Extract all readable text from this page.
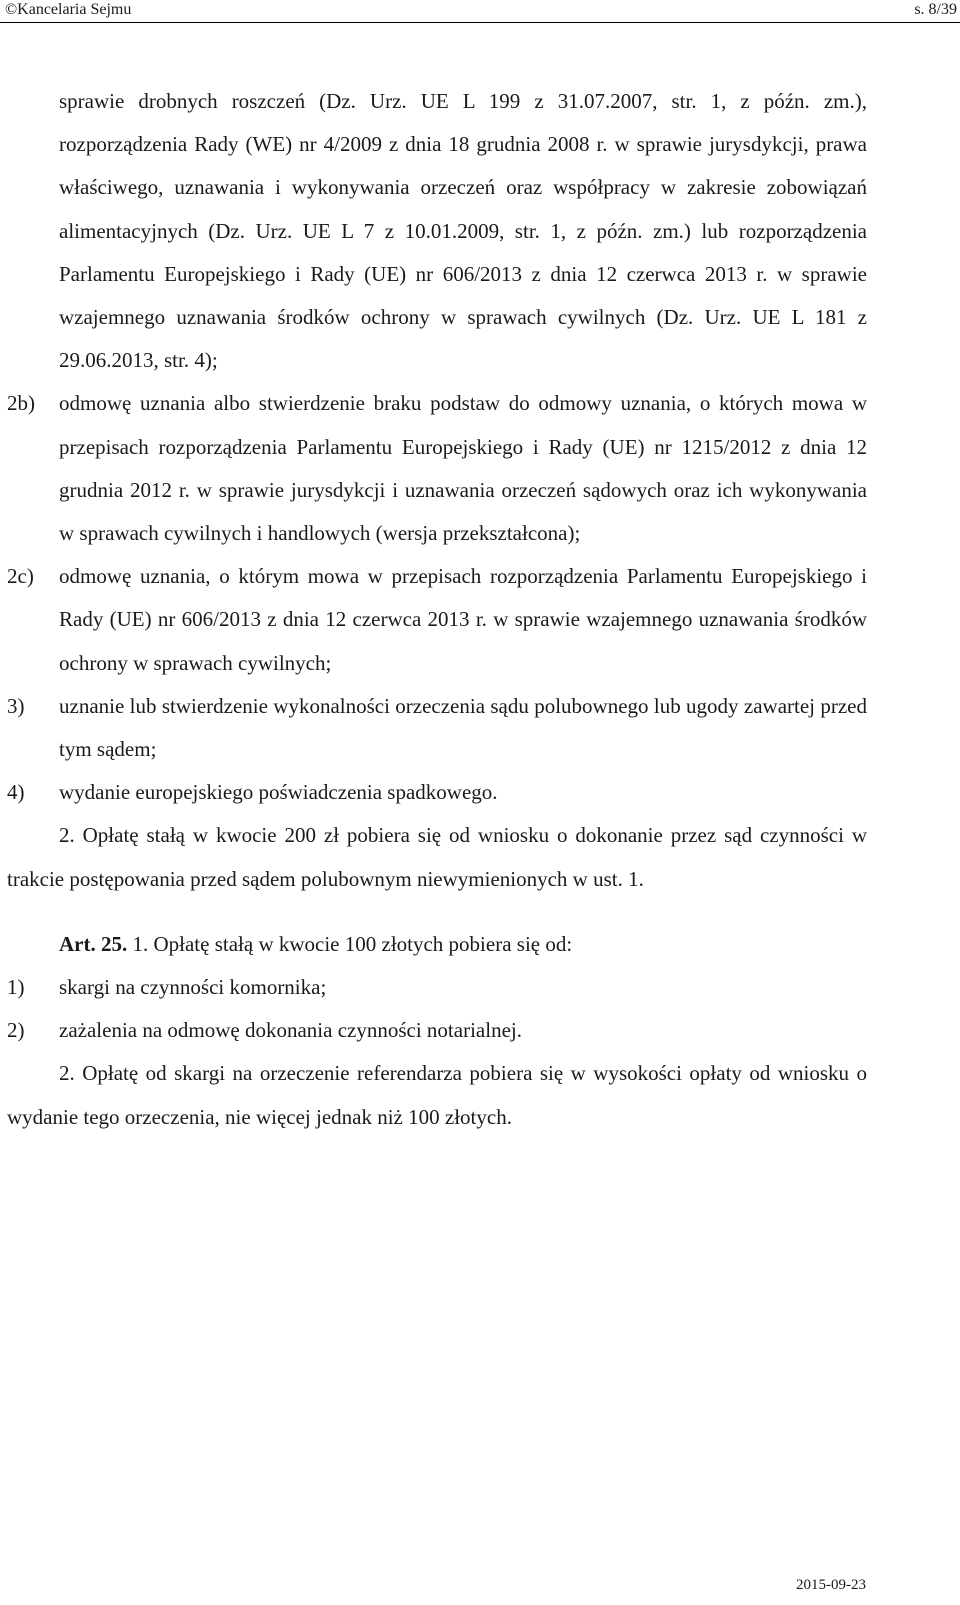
©Kancelaria Sejmu	s. 8/39
sprawie drobnych roszczeń (Dz. Urz. UE L 199 z 31.07.2007, str. 1, z późn. zm.), rozporządzenia Rady (WE) nr 4/2009 z dnia 18 grudnia 2008 r. w sprawie jurysdykcji, prawa właściwego, uznawania i wykonywania orzeczeń oraz współpracy w zakresie zobowiązań alimentacyjnych (Dz. Urz. UE L 7 z 10.01.2009, str. 1, z późn. zm.) lub rozporządzenia Parlamentu Europejskiego i Rady (UE) nr 606/2013 z dnia 12 czerwca 2013 r. w sprawie wzajemnego uznawania środków ochrony w sprawach cywilnych (Dz. Urz. UE L 181 z 29.06.2013, str. 4);
2b) odmowę uznania albo stwierdzenie braku podstaw do odmowy uznania, o których mowa w przepisach rozporządzenia Parlamentu Europejskiego i Rady (UE) nr 1215/2012 z dnia 12 grudnia 2012 r. w sprawie jurysdykcji i uznawania orzeczeń sądowych oraz ich wykonywania w sprawach cywilnych i handlowych (wersja przekształcona);
2c) odmowę uznania, o którym mowa w przepisach rozporządzenia Parlamentu Europejskiego i Rady (UE) nr 606/2013 z dnia 12 czerwca 2013 r. w sprawie wzajemnego uznawania środków ochrony w sprawach cywilnych;
3) uznanie lub stwierdzenie wykonalności orzeczenia sądu polubownego lub ugody zawartej przed tym sądem;
4) wydanie europejskiego poświadczenia spadkowego.
2. Opłatę stałą w kwocie 200 zł pobiera się od wniosku o dokonanie przez sąd czynności w trakcie postępowania przed sądem polubownym niewymienionych w ust. 1.
Art. 25. 1. Opłatę stałą w kwocie 100 złotych pobiera się od:
1) skargi na czynności komornika;
2) zażalenia na odmowę dokonania czynności notarialnej.
2. Opłatę od skargi na orzeczenie referendarza pobiera się w wysokości opłaty od wniosku o wydanie tego orzeczenia, nie więcej jednak niż 100 złotych.
2015-09-23
